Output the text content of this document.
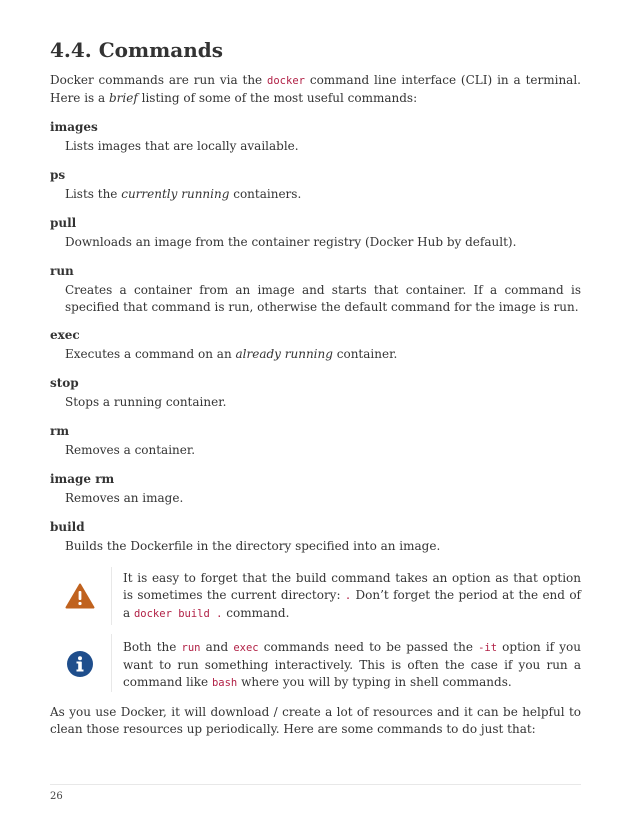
4.4. Commands

Docker commands are run via the docker command line interface (CLI) in a terminal. Here is a brief listing of some of the most useful commands:

images
Lists images that are locally available.
ps
Lists the currently running containers.
pull
Downloads an image from the container registry (Docker Hub by default).
run
Creates a container from an image and starts that container. If a command is specified that command is run, otherwise the default command for the image is run.
exec
Executes a command on an already running container.
stop
Stops a running container.
rm
Removes a container.
image rm
Removes an image.
build
Builds the Dockerfile in the directory specified into an image.

It is easy to forget that the build command takes an option as that option is sometimes the current directory: . Don’t forget the period at the end of a docker build . command.

Both the run and exec commands need to be passed the -it option if you want to run something interactively. This is often the case if you run a command like bash where you will by typing in shell commands.

As you use Docker, it will download / create a lot of resources and it can be helpful to clean those resources up periodically. Here are some commands to do just that:

26
